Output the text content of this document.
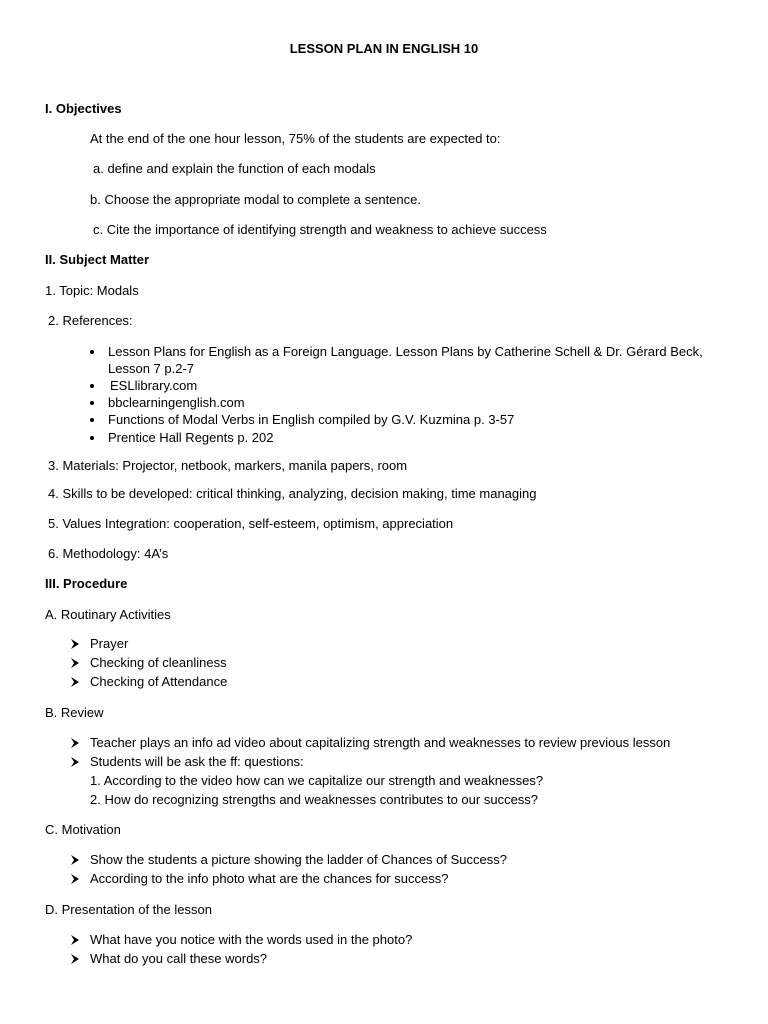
LESSON PLAN IN ENGLISH 10
I. Objectives
At the end of the one hour lesson, 75% of the students are expected to:
a. define and explain the function of each modals
b. Choose the appropriate modal to complete a sentence.
c. Cite the importance of identifying strength and weakness to achieve success
II. Subject Matter
1. Topic: Modals
2. References:
Lesson Plans for English as a Foreign Language. Lesson Plans by Catherine Schell & Dr. Gérard Beck,
Lesson 7 p.2-7
ESLlibrary.com
bbclearningenglish.com
Functions of Modal Verbs in English compiled by G.V. Kuzmina p. 3-57
Prentice Hall Regents p. 202
3. Materials: Projector, netbook, markers, manila papers, room
4. Skills to be developed: critical thinking, analyzing, decision making, time managing
5. Values Integration: cooperation, self-esteem, optimism, appreciation
6. Methodology: 4A’s
III. Procedure
A. Routinary Activities
Prayer
Checking of cleanliness
Checking of Attendance
B. Review
Teacher plays an info ad video about capitalizing strength and weaknesses to review previous lesson
Students will be ask the ff: questions:
1. According to the video how can we capitalize our strength and weaknesses?
2. How do recognizing strengths and weaknesses contributes to our success?
C. Motivation
Show the students a picture showing the ladder of Chances of Success?
According to the info photo what are the chances for success?
D. Presentation of the lesson
What have you notice with the words used in the photo?
What do you call these words?
